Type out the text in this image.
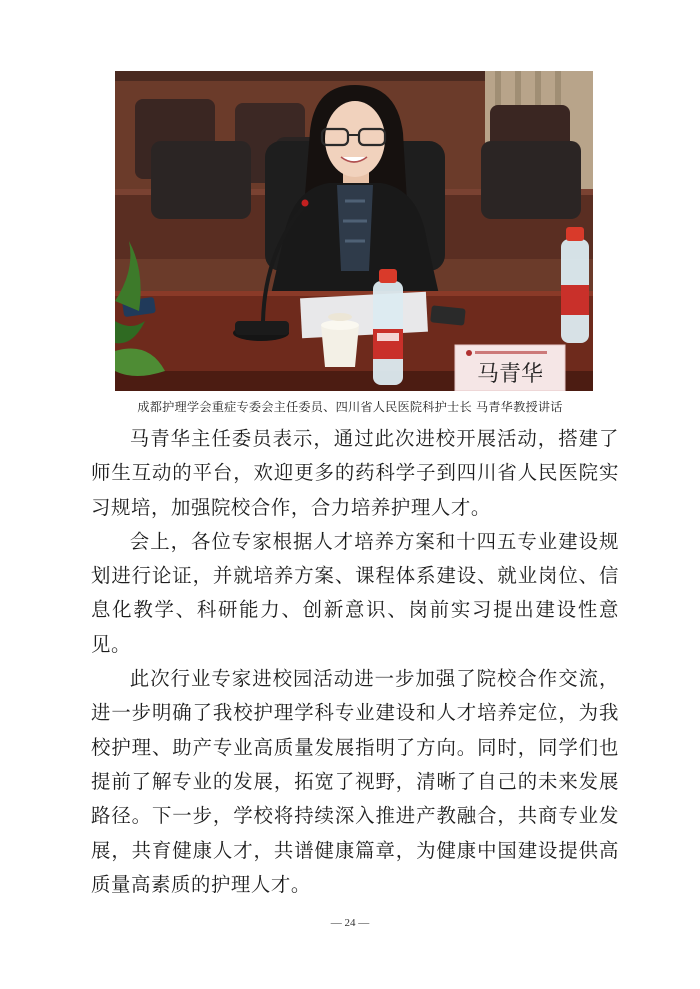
马青华
成都护理学会重症专委会主任委员、四川省人民医院科护士长 马青华教授讲话

马青华主任委员表示，通过此次进校开展活动，搭建了师生互动的平台，欢迎更多的药科学子到四川省人民医院实习规培，加强院校合作，合力培养护理人才。

会上，各位专家根据人才培养方案和十四五专业建设规划进行论证，并就培养方案、课程体系建设、就业岗位、信息化教学、科研能力、创新意识、岗前实习提出建设性意见。

此次行业专家进校园活动进一步加强了院校合作交流，进一步明确了我校护理学科专业建设和人才培养定位，为我校护理、助产专业高质量发展指明了方向。同时，同学们也提前了解专业的发展，拓宽了视野，清晰了自己的未来发展路径。下一步，学校将持续深入推进产教融合，共商专业发展，共育健康人才，共谱健康篇章，为健康中国建设提供高质量高素质的护理人才。

— 24 —
